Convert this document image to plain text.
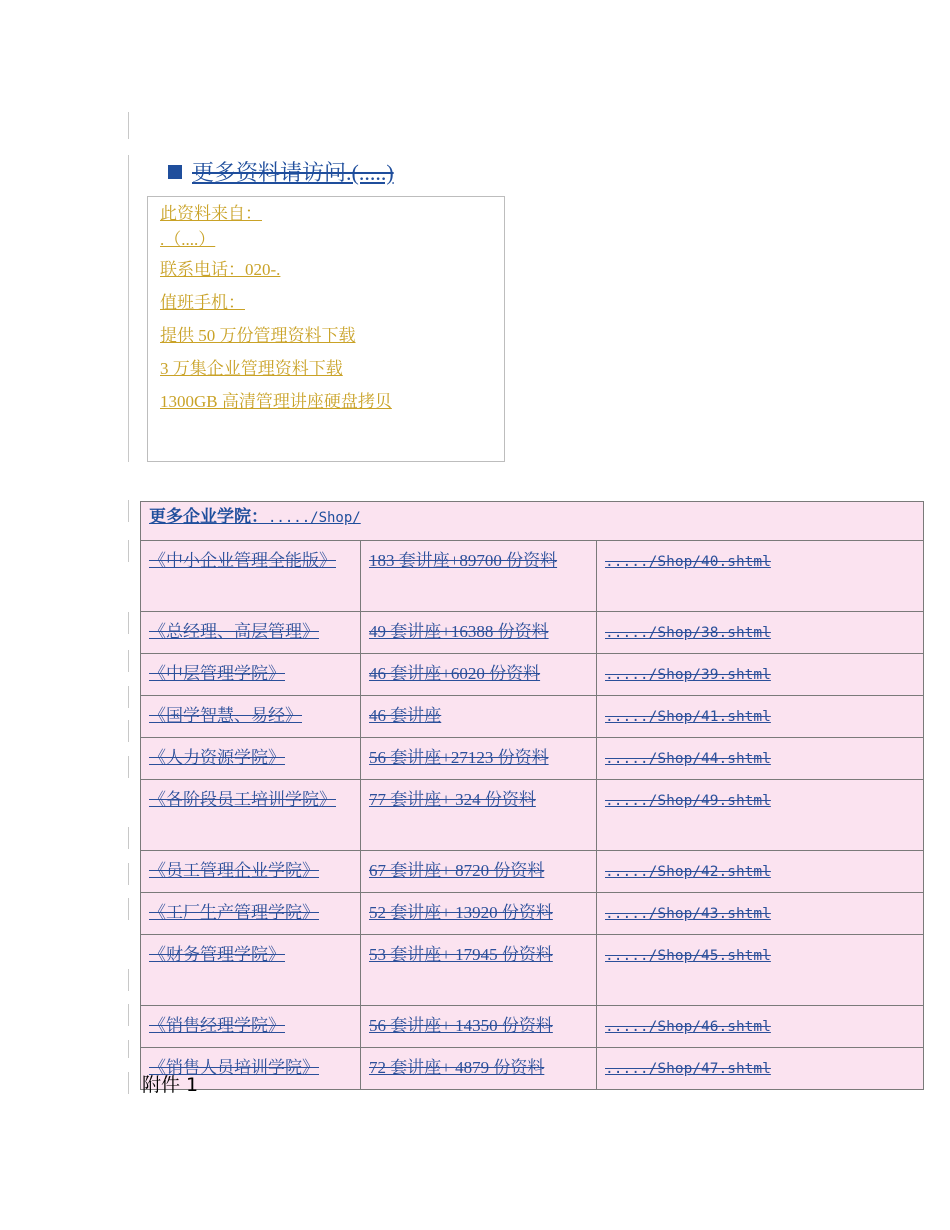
更多资料请访问.(.....)
此资料来自：
.（....）
联系电话：020-.
值班手机：
提供 50 万份管理资料下载
3 万集企业管理资料下载
1300GB 高清管理讲座硬盘拷贝
更多企业学院：...../Shop/		
《中小企业管理全能版》	183 套讲座+89700 份资料	...../Shop/40.shtml
《总经理、高层管理》	49 套讲座+16388 份资料	...../Shop/38.shtml
《中层管理学院》	46 套讲座+6020 份资料	...../Shop/39.shtml
《国学智慧、易经》	46 套讲座	...../Shop/41.shtml
《人力资源学院》	56 套讲座+27123 份资料	...../Shop/44.shtml
《各阶段员工培训学院》	77 套讲座+ 324 份资料	...../Shop/49.shtml
《员工管理企业学院》	67 套讲座+ 8720 份资料	...../Shop/42.shtml
《工厂生产管理学院》	52 套讲座+ 13920 份资料	...../Shop/43.shtml
《财务管理学院》	53 套讲座+ 17945 份资料	...../Shop/45.shtml
《销售经理学院》	56 套讲座+ 14350 份资料	...../Shop/46.shtml
《销售人员培训学院》	72 套讲座+ 4879 份资料	...../Shop/47.shtml
附件 1
